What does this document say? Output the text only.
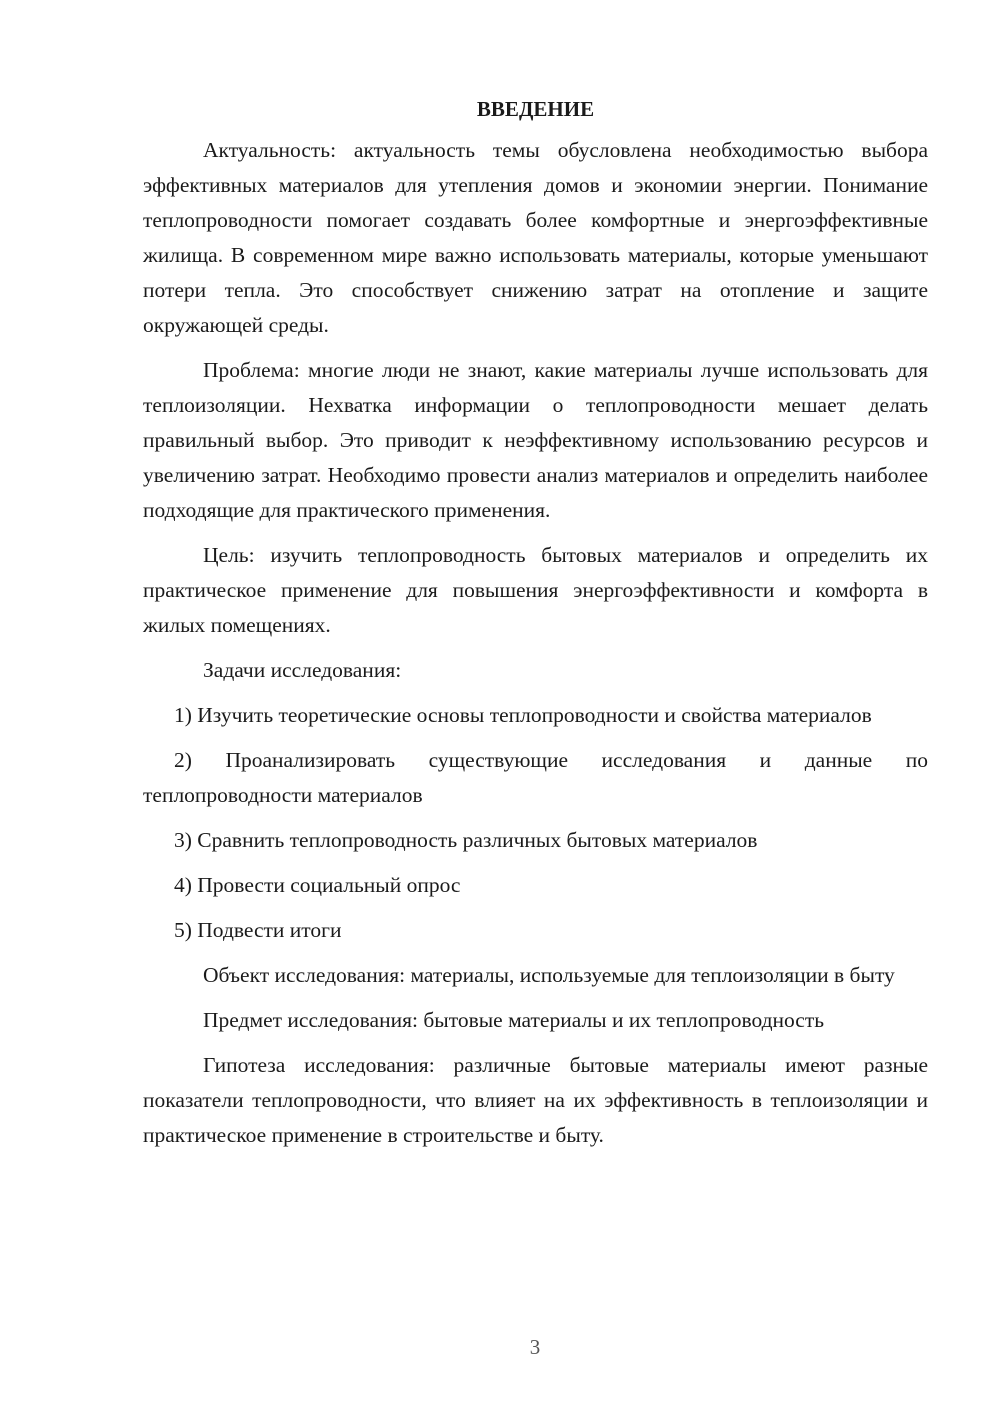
ВВЕДЕНИЕ

Актуальность: актуальность темы обусловлена необходимостью выбора эффективных материалов для утепления домов и экономии энергии. Понимание теплопроводности помогает создавать более комфортные и энергоэффективные жилища. В современном мире важно использовать материалы, которые уменьшают потери тепла. Это способствует снижению затрат на отопление и защите окружающей среды.

Проблема: многие люди не знают, какие материалы лучше использовать для теплоизоляции. Нехватка информации о теплопроводности мешает делать правильный выбор. Это приводит к неэффективному использованию ресурсов и увеличению затрат. Необходимо провести анализ материалов и определить наиболее подходящие для практического применения.

Цель: изучить теплопроводность бытовых материалов и определить их практическое применение для повышения энергоэффективности и комфорта в жилых помещениях.

Задачи исследования:

1) Изучить теоретические основы теплопроводности и свойства материалов

2) Проанализировать существующие исследования и данные по теплопроводности материалов

3) Сравнить теплопроводность различных бытовых материалов

4) Провести социальный опрос

5) Подвести итоги

Объект исследования: материалы, используемые для теплоизоляции в быту

Предмет исследования: бытовые материалы и их теплопроводность

Гипотеза исследования: различные бытовые материалы имеют разные показатели теплопроводности, что влияет на их эффективность в теплоизоляции и практическое применение в строительстве и быту.

3
